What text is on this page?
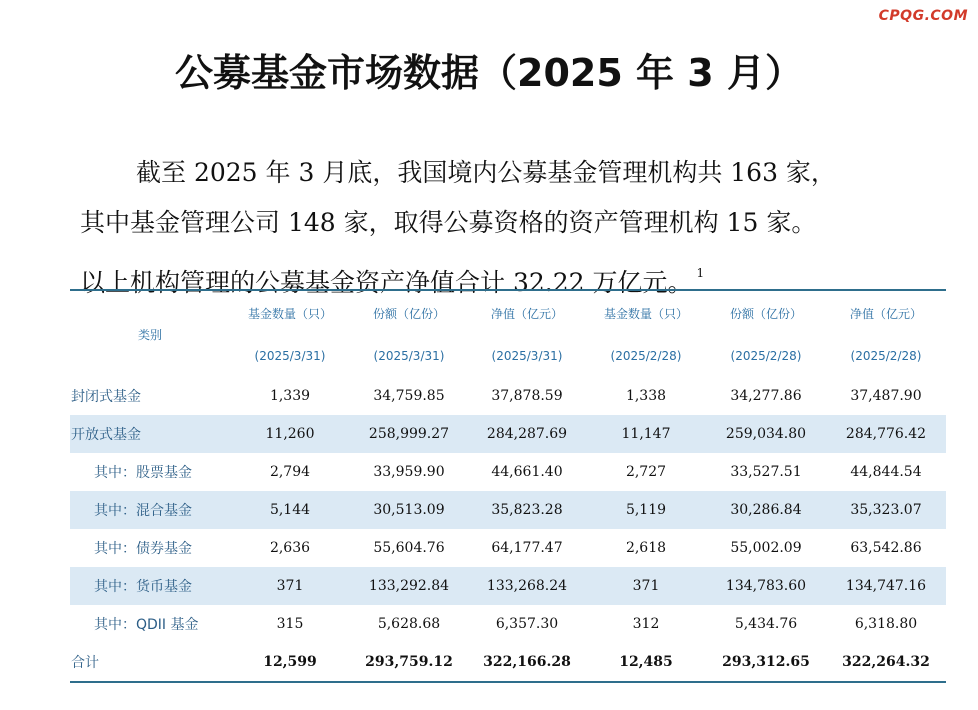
CPQG.COM
公募基金市场数据（2025 年 3 月）
截至 2025 年 3 月底，我国境内公募基金管理机构共 163 家，
其中基金管理公司 148 家，取得公募资格的资产管理机构 15 家。
以上机构管理的公募基金资产净值合计 32.22 万亿元。 $^1$
类别	基金数量（只）	份额（亿份）	净值（亿元）	基金数量（只）	份额（亿份）	净值（亿元）
	(2025/3/31)	(2025/3/31)	(2025/3/31)	(2025/2/28)	(2025/2/28)	(2025/2/28)
封闭式基金	1,339	34,759.85	37,878.59	1,338	34,277.86	37,487.90
开放式基金	11,260	258,999.27	284,287.69	11,147	259,034.80	284,776.42
其中：股票基金	2,794	33,959.90	44,661.40	2,727	33,527.51	44,844.54
其中：混合基金	5,144	30,513.09	35,823.28	5,119	30,286.84	35,323.07
其中：债券基金	2,636	55,604.76	64,177.47	2,618	55,002.09	63,542.86
其中：货币基金	371	133,292.84	133,268.24	371	134,783.60	134,747.16
其中：QDII 基金	315	5,628.68	6,357.30	312	5,434.76	6,318.80
合计	12,599	293,759.12	322,166.28	12,485	293,312.65	322,264.32
